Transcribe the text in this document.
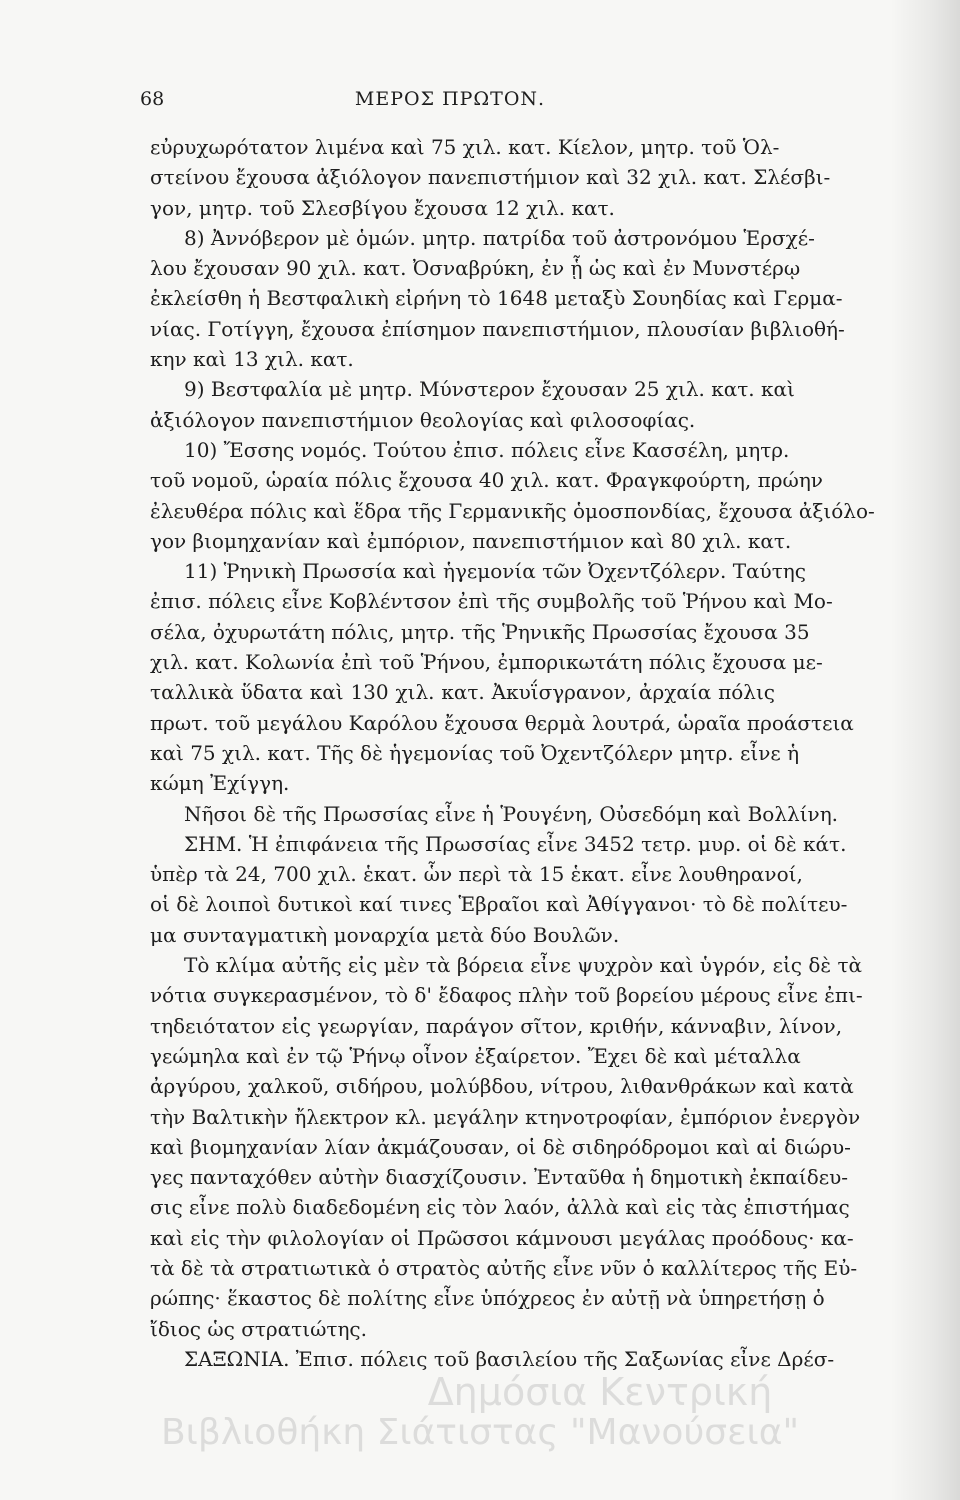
68	ΜΕΡΟΣ ΠΡΩΤΟΝ.
εὐρυχωρότατον λιμένα καὶ 75 χιλ. κατ. Κίελον, μητρ. τοῦ Ὁλ-
στείνου ἔχουσα ἀξιόλογον πανεπιστήμιον καὶ 32 χιλ. κατ. Σλέσβι-
γον, μητρ. τοῦ Σλεσβίγου ἔχουσα 12 χιλ. κατ.
8) Ἀννόβερον μὲ ὁμών. μητρ. πατρίδα τοῦ ἀστρονόμου Ἑρσχέ-
λου ἔχουσαν 90 χιλ. κατ. Ὀσναβρύκη, ἐν ᾗ ὡς καὶ ἐν Μυνστέρῳ
ἐκλείσθη ἡ Βεστφαλικὴ εἰρήνη τὸ 1648 μεταξὺ Σουηδίας καὶ Γερμα-
νίας. Γοτίγγη, ἔχουσα ἐπίσημον πανεπιστήμιον, πλουσίαν βιβλιοθή-
κην καὶ 13 χιλ. κατ.
9) Βεστφαλία μὲ μητρ. Μύνστερον ἔχουσαν 25 χιλ. κατ. καὶ
ἀξιόλογον πανεπιστήμιον θεολογίας καὶ φιλοσοφίας.
10) Ἔσσης νομός. Τούτου ἐπισ. πόλεις εἶνε Κασσέλη, μητρ.
τοῦ νομοῦ, ὡραία πόλις ἔχουσα 40 χιλ. κατ. Φραγκφούρτη, πρώην
ἐλευθέρα πόλις καὶ ἕδρα τῆς Γερμανικῆς ὁμοσπονδίας, ἔχουσα ἀξιόλο-
γον βιομηχανίαν καὶ ἐμπόριον, πανεπιστήμιον καὶ 80 χιλ. κατ.
11) Ῥηνικὴ Πρωσσία καὶ ἡγεμονία τῶν Ὀχεντζόλερν. Ταύτης
ἐπισ. πόλεις εἶνε Κοβλέντσον ἐπὶ τῆς συμβολῆς τοῦ Ῥήνου καὶ Μο-
σέλα, ὀχυρωτάτη πόλις, μητρ. τῆς Ῥηνικῆς Πρωσσίας ἔχουσα 35
χιλ. κατ. Κολωνία ἐπὶ τοῦ Ῥήνου, ἐμπορικωτάτη πόλις ἔχουσα με-
ταλλικὰ ὕδατα καὶ 130 χιλ. κατ. Ἀκυΐσγρανον, ἀρχαία πόλις
πρωτ. τοῦ μεγάλου Καρόλου ἔχουσα θερμὰ λουτρά, ὡραῖα προάστεια
καὶ 75 χιλ. κατ. Τῆς δὲ ἡγεμονίας τοῦ Ὀχεντζόλερν μητρ. εἶνε ἡ
κώμη Ἐχίγγη.
Νῆσοι δὲ τῆς Πρωσσίας εἶνε ἡ Ῥουγένη, Οὐσεδόμη καὶ Βολλίνη.
ΣΗΜ. Ἡ ἐπιφάνεια τῆς Πρωσσίας εἶνε 3452 τετρ. μυρ. οἱ δὲ κάτ.
ὑπὲρ τὰ 24, 700 χιλ. ἑκατ. ὧν περὶ τὰ 15 ἑκατ. εἶνε λουθηρανοί,
οἱ δὲ λοιποὶ δυτικοὶ καί τινες Ἑβραῖοι καὶ Ἀθίγγανοι· τὸ δὲ πολίτευ-
μα συνταγματικὴ μοναρχία μετὰ δύο Βουλῶν.
Τὸ κλίμα αὐτῆς εἰς μὲν τὰ βόρεια εἶνε ψυχρὸν καὶ ὑγρόν, εἰς δὲ τὰ
νότια συγκερασμένον, τὸ δ' ἔδαφος πλὴν τοῦ βορείου μέρους εἶνε ἐπι-
τηδειότατον εἰς γεωργίαν, παράγον σῖτον, κριθήν, κάνναβιν, λίνον,
γεώμηλα καὶ ἐν τῷ Ῥήνῳ οἶνον ἐξαίρετον. Ἔχει δὲ καὶ μέταλλα
ἀργύρου, χαλκοῦ, σιδήρου, μολύβδου, νίτρου, λιθανθράκων καὶ κατὰ
τὴν Βαλτικὴν ἤλεκτρον κλ. μεγάλην κτηνοτροφίαν, ἐμπόριον ἐνεργὸν
καὶ βιομηχανίαν λίαν ἀκμάζουσαν, οἱ δὲ σιδηρόδρομοι καὶ αἱ διώρυ-
γες πανταχόθεν αὐτὴν διασχίζουσιν. Ἐνταῦθα ἡ δημοτικὴ ἐκπαίδευ-
σις εἶνε πολὺ διαδεδομένη εἰς τὸν λαόν, ἀλλὰ καὶ εἰς τὰς ἐπιστήμας
καὶ εἰς τὴν φιλολογίαν οἱ Πρῶσσοι κάμνουσι μεγάλας προόδους· κα-
τὰ δὲ τὰ στρατιωτικὰ ὁ στρατὸς αὐτῆς εἶνε νῦν ὁ καλλίτερος τῆς Εὐ-
ρώπης· ἕκαστος δὲ πολίτης εἶνε ὑπόχρεος ἐν αὐτῇ νὰ ὑπηρετήσῃ ὁ
ἴδιος ὡς στρατιώτης.
ΣΑΞΩΝΙΑ. Ἐπισ. πόλεις τοῦ βασιλείου τῆς Σαξωνίας εἶνε Δρέσ-
Δημόσια Κεντρική
Βιβλιοθήκη Σιάτιστας "Μανούσεια"
